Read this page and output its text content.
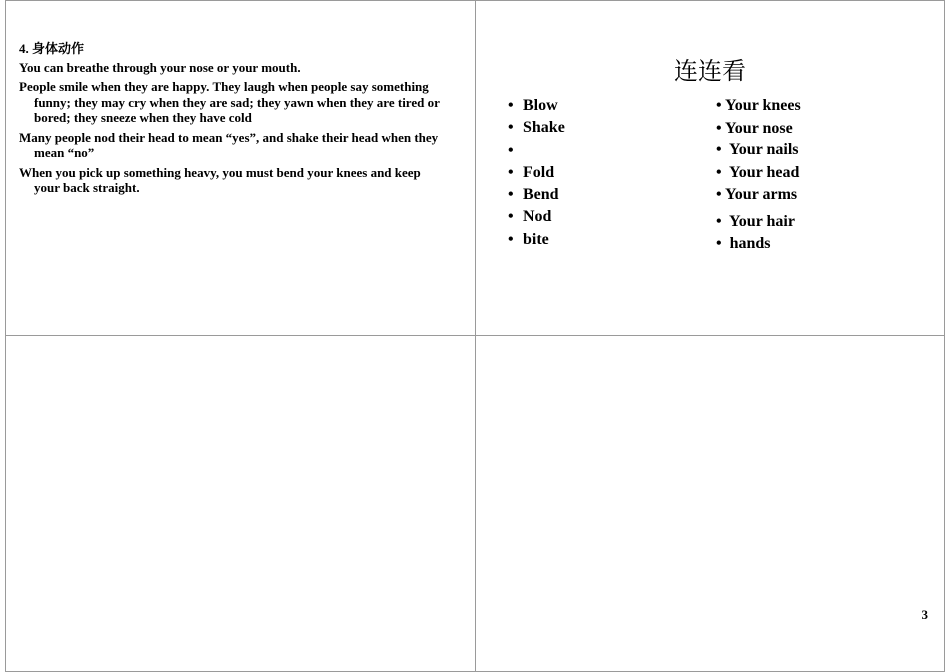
4. 身体动作

You can breathe through your nose or your mouth.

People smile when they are happy. They laugh when people say something funny; they may cry when they are sad; they yawn when they are tired or bored; they sneeze when they have cold

Many people nod their head to mean “yes”, and shake their head when they mean “no”

When you pick up something heavy, you must bend your knees and keep your back straight.

连连看
• Blow
• Shake
•
• Fold
• Bend
• Nod
• bite
• Your knees
• Your nose
•  Your nails
•  Your head
• Your arms
•  Your hair
•  hands
3
